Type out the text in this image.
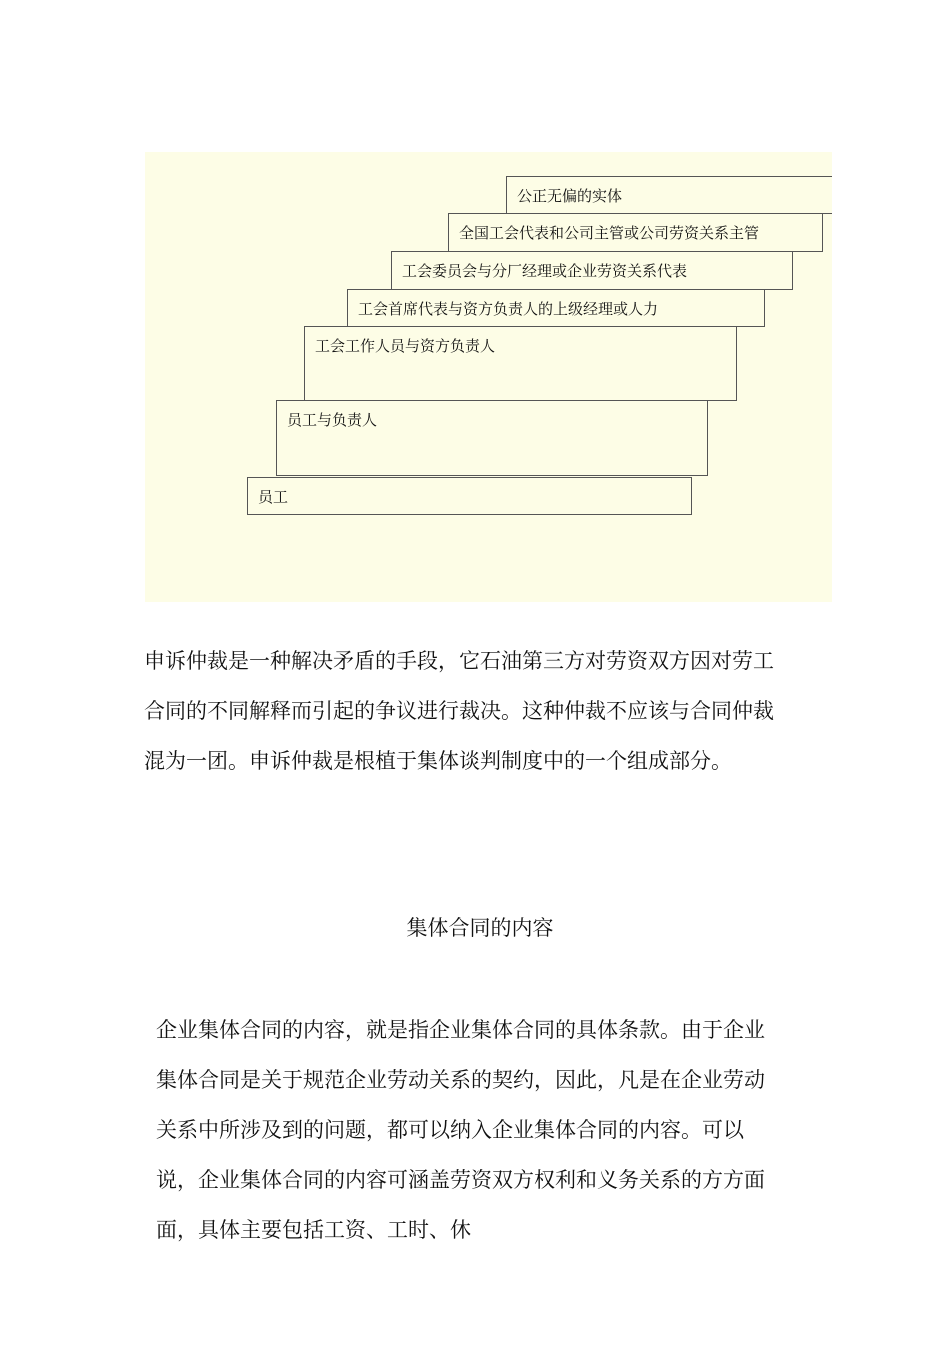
员工
员工与负责人
工会工作人员与资方负责人
工会首席代表与资方负责人的上级经理或人力
工会委员会与分厂经理或企业劳资关系代表
全国工会代表和公司主管或公司劳资关系主管
公正无偏的实体

申诉仲裁是一种解决矛盾的手段，它石油第三方对劳资双方因对劳工合同的不同解释而引起的争议进行裁决。这种仲裁不应该与合同仲裁混为一团。申诉仲裁是根植于集体谈判制度中的一个组成部分。

集体合同的内容

企业集体合同的内容，就是指企业集体合同的具体条款。由于企业集体合同是关于规范企业劳动关系的契约，因此，凡是在企业劳动关系中所涉及到的问题，都可以纳入企业集体合同的内容。可以说，企业集体合同的内容可涵盖劳资双方权利和义务关系的方方面面，具体主要包括工资、工时、休
